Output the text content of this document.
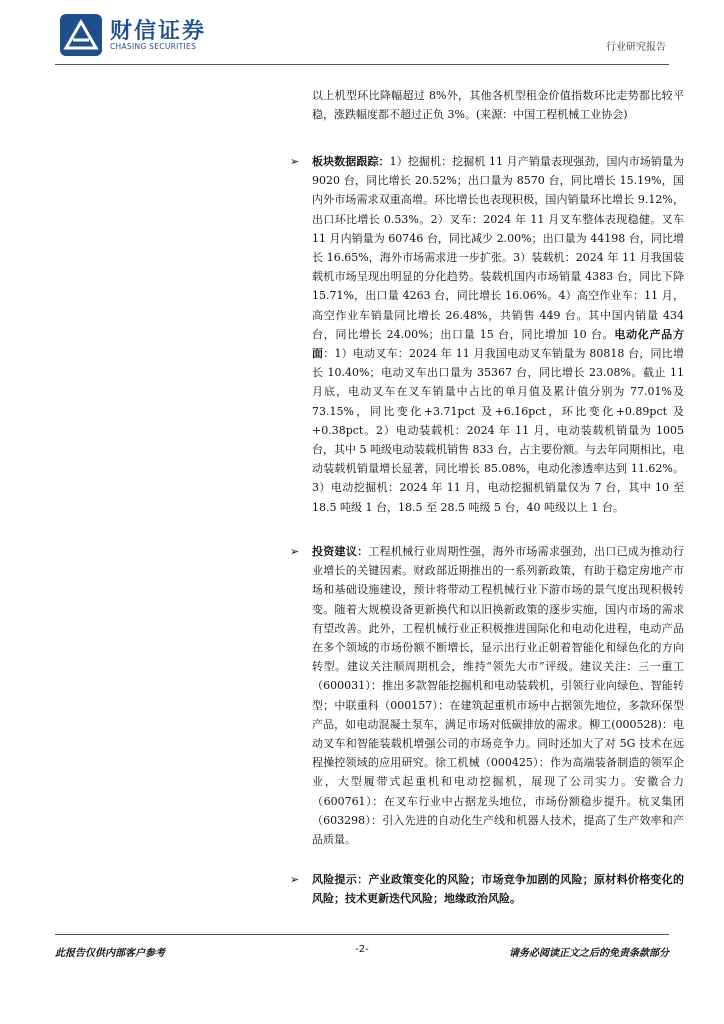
财信证券
CHASING SECURITIES	行业研究报告
以上机型环比降幅超过 8%外，其他各机型租金价值指数环比走势都比较平稳，涨跌幅度都不超过正负 3%。(来源：中国工程机械工业协会)
➢ 板块数据跟踪：1）挖掘机：挖掘机 11 月产销量表现强劲，国内市场销量为 9020 台，同比增长 20.52%；出口量为 8570 台，同比增长 15.19%，国内外市场需求双重高增。环比增长也表现积极，国内销量环比增长 9.12%，出口环比增长 0.53%。2）叉车：2024 年 11 月叉车整体表现稳健。叉车 11 月内销量为 60746 台，同比减少 2.00%；出口量为 44198 台，同比增长 16.65%，海外市场需求进一步扩张。3）装载机：2024 年 11 月我国装载机市场呈现出明显的分化趋势。装载机国内市场销量 4383 台，同比下降 15.71%，出口量 4263 台，同比增长 16.06%。4）高空作业车：11 月，高空作业车销量同比增长 26.48%，共销售 449 台。其中国内销量 434 台，同比增长 24.00%；出口量 15 台，同比增加 10 台。电动化产品方面：1）电动叉车：2024 年 11 月我国电动叉车销量为 80818 台，同比增长 10.40%；电动叉车出口量为 35367 台，同比增长 23.08%。截止 11 月底，电动叉车在叉车销量中占比的单月值及累计值分别为 77.01%及 73.15%，同比变化+3.71pct 及+6.16pct，环比变化+0.89pct 及+0.38pct。2）电动装载机：2024 年 11 月，电动装载机销量为 1005 台，其中 5 吨级电动装载机销售 833 台，占主要份额。与去年同期相比，电动装载机销量增长显著，同比增长 85.08%，电动化渗透率达到 11.62%。3）电动挖掘机：2024 年 11 月，电动挖掘机销量仅为 7 台，其中 10 至 18.5 吨级 1 台，18.5 至 28.5 吨级 5 台，40 吨级以上 1 台。
➢ 投资建议：工程机械行业周期性强，海外市场需求强劲，出口已成为推动行业增长的关键因素。财政部近期推出的一系列新政策，有助于稳定房地产市场和基础设施建设，预计将带动工程机械行业下游市场的景气度出现积极转变。随着大规模设备更新换代和以旧换新政策的逐步实施，国内市场的需求有望改善。此外，工程机械行业正积极推进国际化和电动化进程，电动产品在多个领域的市场份额不断增长，显示出行业正朝着智能化和绿色化的方向转型。建议关注顺周期机会，维持“领先大市”评级。建议关注：三一重工（600031）：推出多款智能挖掘机和电动装载机，引领行业向绿色、智能转型；中联重科（000157）：在建筑起重机市场中占据领先地位，多款环保型产品，如电动混凝土泵车，满足市场对低碳排放的需求。柳工(000528)：电动叉车和智能装载机增强公司的市场竞争力。同时还加大了对 5G 技术在远程操控领域的应用研究。徐工机械（000425）：作为高端装备制造的领军企业，大型履带式起重机和电动挖掘机，展现了公司实力。安徽合力（600761）：在叉车行业中占据龙头地位，市场份额稳步提升。杭叉集团（603298）：引入先进的自动化生产线和机器人技术，提高了生产效率和产品质量。
➢ 风险提示：产业政策变化的风险；市场竞争加剧的风险；原材料价格变化的风险；技术更新迭代风险；地缘政治风险。
此报告仅供内部客户参考	-2-	请务必阅读正文之后的免责条款部分
